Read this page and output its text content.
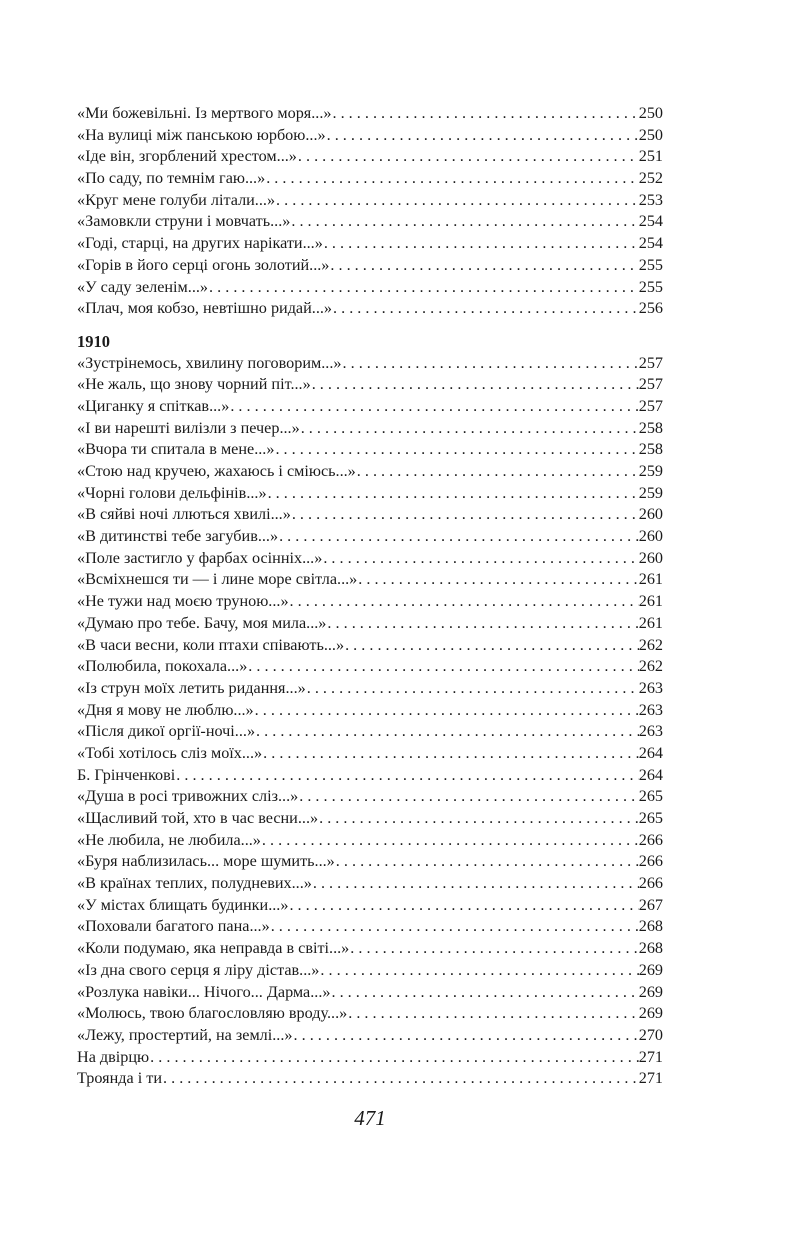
«Ми божевільні. Із мертвого моря...» . . .	250
«На вулиці між панською юрбою...» . . .	250
«Іде він, згорблений хрестом...» . . .	251
«По саду, по темнім гаю...» . . .	252
«Круг мене голуби літали...» . . .	253
«Замовкли струни і мовчать...» . . .	254
«Годі, старці, на других нарікати...» . . .	254
«Горів в його серці огонь золотий...» . . .	255
«У саду зеленім...» . . .	255
«Плач, моя кобзо, невтішно ридай...» . . .	256
1910
«Зустрінемось, хвилину поговорим...» . . .	257
«Не жаль, що знову чорний піт...» . . .	257
«Циганку я спіткав...» . . .	257
«І ви нарешті вилізли з печер...» . . .	258
«Вчора ти спитала в мене...» . . .	258
«Стою над кручею, жахаюсь і сміюсь...» . . .	259
«Чорні голови дельфінів...» . . .	259
«В сяйві ночі ллються хвилі...» . . .	260
«В дитинстві тебе загубив...» . . .	260
«Поле застигло у фарбах осінніх...» . . .	260
«Всміхнешся ти — і лине море світла...» . . .	261
«Не тужи над моєю труною...» . . .	261
«Думаю про тебе. Бачу, моя мила...» . . .	261
«В часи весни, коли птахи співають...» . . .	262
«Полюбила, покохала...» . . .	262
«Із струн моїх летить ридання...» . . .	263
«Дня я мову не люблю...» . . .	263
«Після дикої оргії-ночі...» . . .	263
«Тобі хотілось сліз моїх...» . . .	264
Б. Грінченкові . . .	264
«Душа в росі тривожних сліз...» . . .	265
«Щасливий той, хто в час весни...» . . .	265
«Не любила, не любила...» . . .	266
«Буря наблизилась... море шумить...» . . .	266
«В країнах теплих, полудневих...» . . .	266
«У містах блищать будинки...» . . .	267
«Поховали багатого пана...» . . .	268
«Коли подумаю, яка неправда в світі...» . . .	268
«Із дна свого серця я ліру дістав...» . . .	269
«Розлука навіки... Нічого... Дарма...» . . .	269
«Молюсь, твою благословляю вроду...» . . .	269
«Лежу, простертий, на землі...» . . .	270
На двірцю . . .	271
Троянда і ти . . .	271
471
